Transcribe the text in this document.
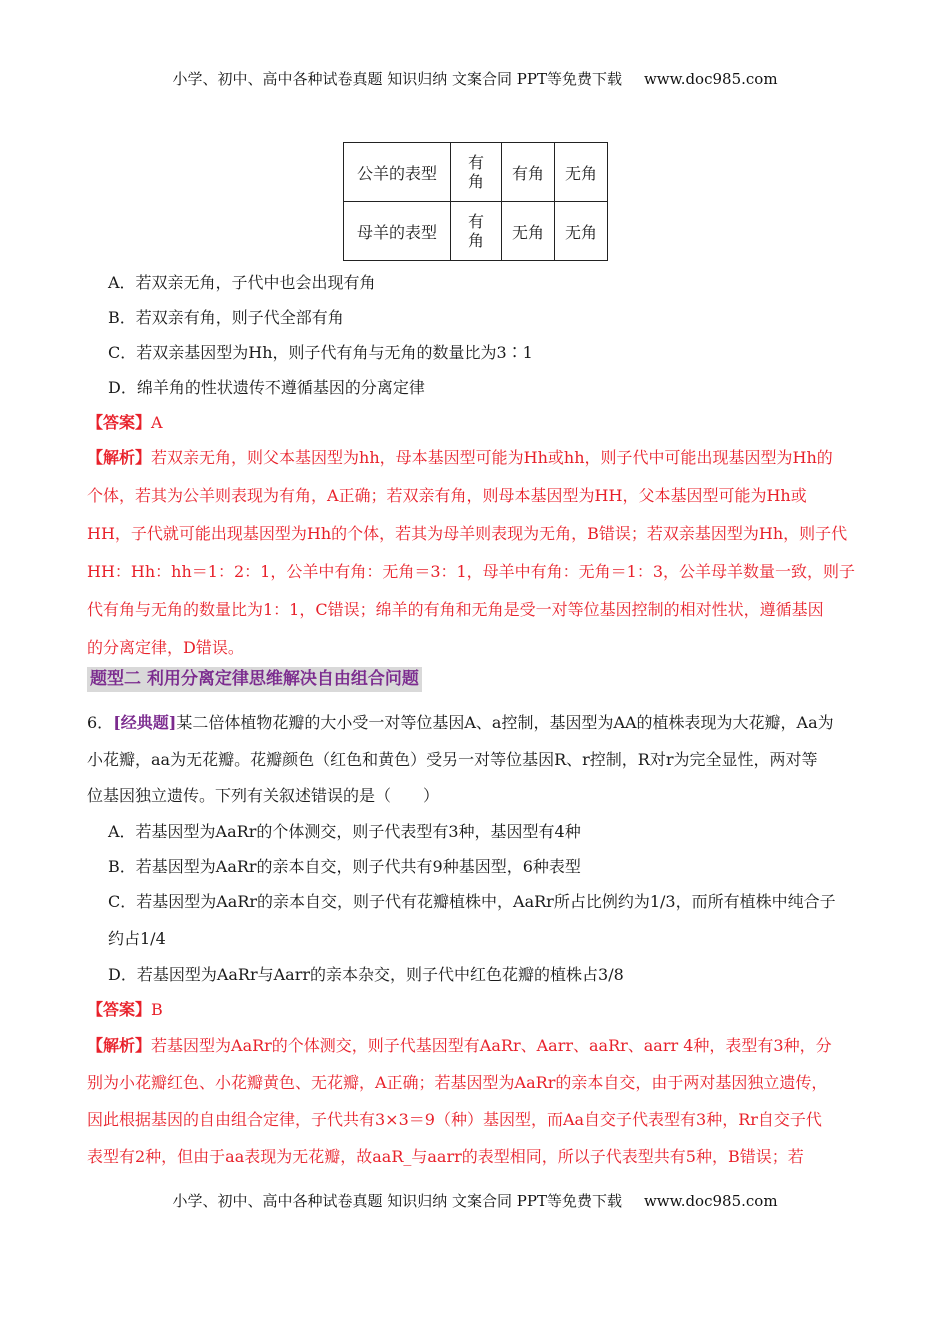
小学、初中、高中各种试卷真题 知识归纳 文案合同 PPT等免费下载 www.doc985.com
公羊的表型	有角	有角	无角
母羊的表型	有角	无角	无角
A．若双亲无角，子代中也会出现有角
B．若双亲有角，则子代全部有角
C．若双亲基因型为Hh，则子代有角与无角的数量比为3∶1
D．绵羊角的性状遗传不遵循基因的分离定律
【答案】A
【解析】若双亲无角，则父本基因型为hh，母本基因型可能为Hh或hh，则子代中可能出现基因型为Hh的
个体，若其为公羊则表现为有角，A正确；若双亲有角，则母本基因型为HH，父本基因型可能为Hh或
HH，子代就可能出现基因型为Hh的个体，若其为母羊则表现为无角，B错误；若双亲基因型为Hh，则子代
HH：Hh：hh＝1：2：1，公羊中有角：无角＝3：1，母羊中有角：无角＝1：3，公羊母羊数量一致，则子
代有角与无角的数量比为1：1，C错误；绵羊的有角和无角是受一对等位基因控制的相对性状，遵循基因
的分离定律，D错误。
题型二 利用分离定律思维解决自由组合问题
6．[经典题]某二倍体植物花瓣的大小受一对等位基因A、a控制，基因型为AA的植株表现为大花瓣，Aa为
小花瓣，aa为无花瓣。花瓣颜色（红色和黄色）受另一对等位基因R、r控制，R对r为完全显性，两对等
位基因独立遗传。下列有关叙述错误的是（　　）
A．若基因型为AaRr的个体测交，则子代表型有3种，基因型有4种
B．若基因型为AaRr的亲本自交，则子代共有9种基因型，6种表型
C．若基因型为AaRr的亲本自交，则子代有花瓣植株中，AaRr所占比例约为1/3，而所有植株中纯合子
约占1/4
D．若基因型为AaRr与Aarr的亲本杂交，则子代中红色花瓣的植株占3/8
【答案】B
【解析】若基因型为AaRr的个体测交，则子代基因型有AaRr、Aarr、aaRr、aarr 4种，表型有3种，分
别为小花瓣红色、小花瓣黄色、无花瓣，A正确；若基因型为AaRr的亲本自交，由于两对基因独立遗传，
因此根据基因的自由组合定律，子代共有3×3＝9（种）基因型，而Aa自交子代表型有3种，Rr自交子代
表型有2种，但由于aa表现为无花瓣，故aaR_与aarr的表型相同，所以子代表型共有5种，B错误；若
小学、初中、高中各种试卷真题 知识归纳 文案合同 PPT等免费下载 www.doc985.com
